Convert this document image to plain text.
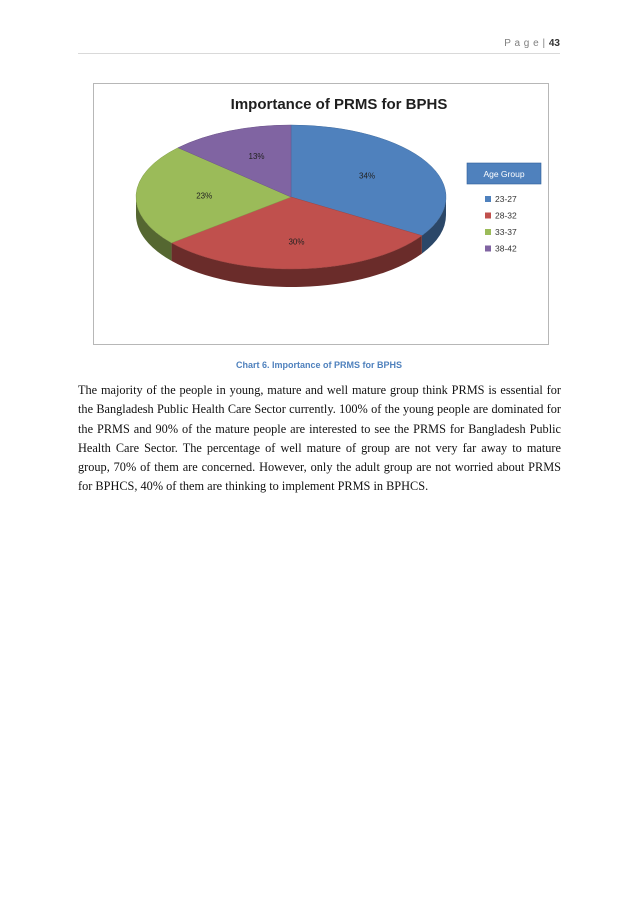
P a g e | 43
34%
30%
23%
13%
Importance of PRMS for BPHS
Age Group
23-27
28-32
33-37
38-42
Chart 6. Importance of PRMS for BPHS

The majority of the people in young, mature and well mature group think PRMS is essential for the Bangladesh Public Health Care Sector currently. 100% of the young people are dominated for the PRMS and 90% of the mature people are interested to see the PRMS for Bangladesh Public Health Care Sector. The percentage of well mature of group are not very far away to mature group, 70% of them are concerned. However, only the adult group are not worried about PRMS for BPHCS, 40% of them are thinking to implement PRMS in BPHCS.
